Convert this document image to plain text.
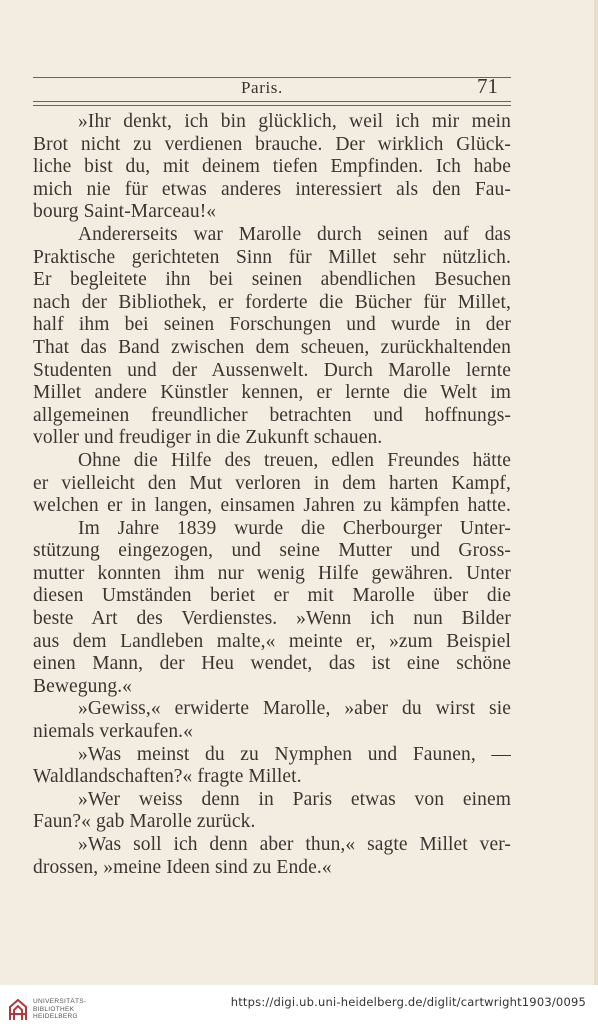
Paris.	71
»Ihr denkt, ich bin glücklich, weil ich mir mein
Brot nicht zu verdienen brauche. Der wirklich Glück-
liche bist du, mit deinem tiefen Empfinden. Ich habe
mich nie für etwas anderes interessiert als den Fau-
bourg Saint-Marceau!«
Andererseits war Marolle durch seinen auf das
Praktische gerichteten Sinn für Millet sehr nützlich.
Er begleitete ihn bei seinen abendlichen Besuchen
nach der Bibliothek, er forderte die Bücher für Millet,
half ihm bei seinen Forschungen und wurde in der
That das Band zwischen dem scheuen, zurückhaltenden
Studenten und der Aussenwelt. Durch Marolle lernte
Millet andere Künstler kennen, er lernte die Welt im
allgemeinen freundlicher betrachten und hoffnungs-
voller und freudiger in die Zukunft schauen.
Ohne die Hilfe des treuen, edlen Freundes hätte
er vielleicht den Mut verloren in dem harten Kampf,
welchen er in langen, einsamen Jahren zu kämpfen hatte.
Im Jahre 1839 wurde die Cherbourger Unter-
stützung eingezogen, und seine Mutter und Gross-
mutter konnten ihm nur wenig Hilfe gewähren. Unter
diesen Umständen beriet er mit Marolle über die
beste Art des Verdienstes. »Wenn ich nun Bilder
aus dem Landleben malte,« meinte er, »zum Beispiel
einen Mann, der Heu wendet, das ist eine schöne
Bewegung.«
»Gewiss,« erwiderte Marolle, »aber du wirst sie
niemals verkaufen.«
»Was meinst du zu Nymphen und Faunen, —
Waldlandschaften?« fragte Millet.
»Wer weiss denn in Paris etwas von einem
Faun?« gab Marolle zurück.
»Was soll ich denn aber thun,« sagte Millet ver-
drossen, »meine Ideen sind zu Ende.«
UNIVERSITÄTS-
BIBLIOTHEK
HEIDELBERG
https://digi.ub.uni-heidelberg.de/diglit/cartwright1903/0095
